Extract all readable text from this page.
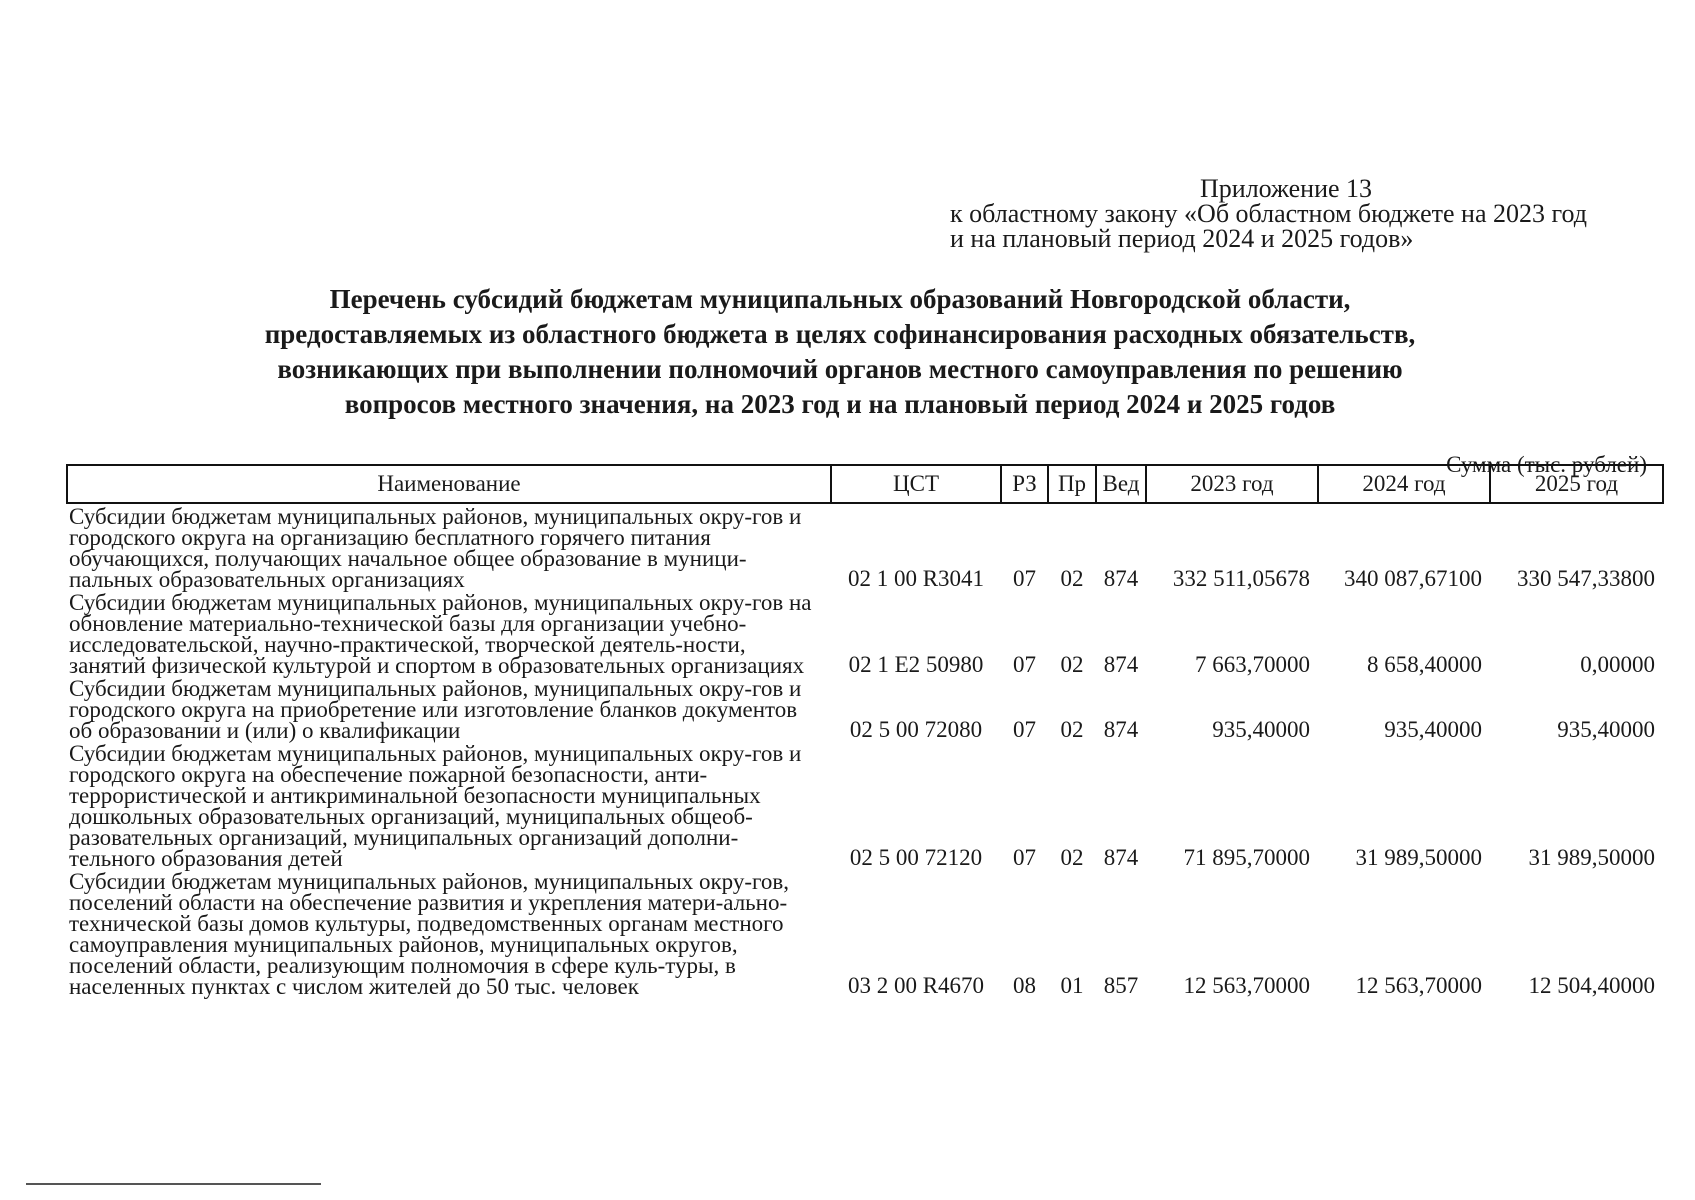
Приложение 13
к областному закону «Об областном бюджете на 2023 год
и на плановый период 2024 и 2025 годов»
Перечень субсидий бюджетам муниципальных образований Новгородской области,
предоставляемых из областного бюджета в целях софинансирования расходных обязательств,
возникающих при выполнении полномочий органов местного самоуправления по решению
вопросов местного значения, на 2023 год и на плановый период 2024 и 2025 годов
Сумма (тыс. рублей)
Наименование	ЦСТ	РЗ	Пр	Вед	2023 год	2024 год	2025 год
Субсидии бюджетам муниципальных районов, муниципальных окру-гов и городского округа на организацию бесплатного горячего питания обучающихся, получающих начальное общее образование в муници-пальных образовательных организациях	02 1 00 R3041	07	02	874	332 511,05678	340 087,67100	330 547,33800
Субсидии бюджетам муниципальных районов, муниципальных окру-гов на обновление материально-технической базы для организации учебно-исследовательской, научно-практической, творческой деятель-ности, занятий физической культурой и спортом в образовательных организациях	02 1 E2 50980	07	02	874	7 663,70000	8 658,40000	0,00000
Субсидии бюджетам муниципальных районов, муниципальных окру-гов и городского округа на приобретение или изготовление бланков документов об образовании и (или) о квалификации	02 5 00 72080	07	02	874	935,40000	935,40000	935,40000
Субсидии бюджетам муниципальных районов, муниципальных окру-гов и городского округа на обеспечение пожарной безопасности, анти-террористической и антикриминальной безопасности муниципальных дошкольных образовательных организаций, муниципальных общеоб-разовательных организаций, муниципальных организаций дополни-тельного образования детей	02 5 00 72120	07	02	874	71 895,70000	31 989,50000	31 989,50000
Субсидии бюджетам муниципальных районов, муниципальных окру-гов, поселений области на обеспечение развития и укрепления матери-ально-технической базы домов культуры, подведомственных органам местного самоуправления муниципальных районов, муниципальных округов, поселений области, реализующим полномочия в сфере куль-туры, в населенных пунктах с числом жителей до 50 тыс. человек	03 2 00 R4670	08	01	857	12 563,70000	12 563,70000	12 504,40000
